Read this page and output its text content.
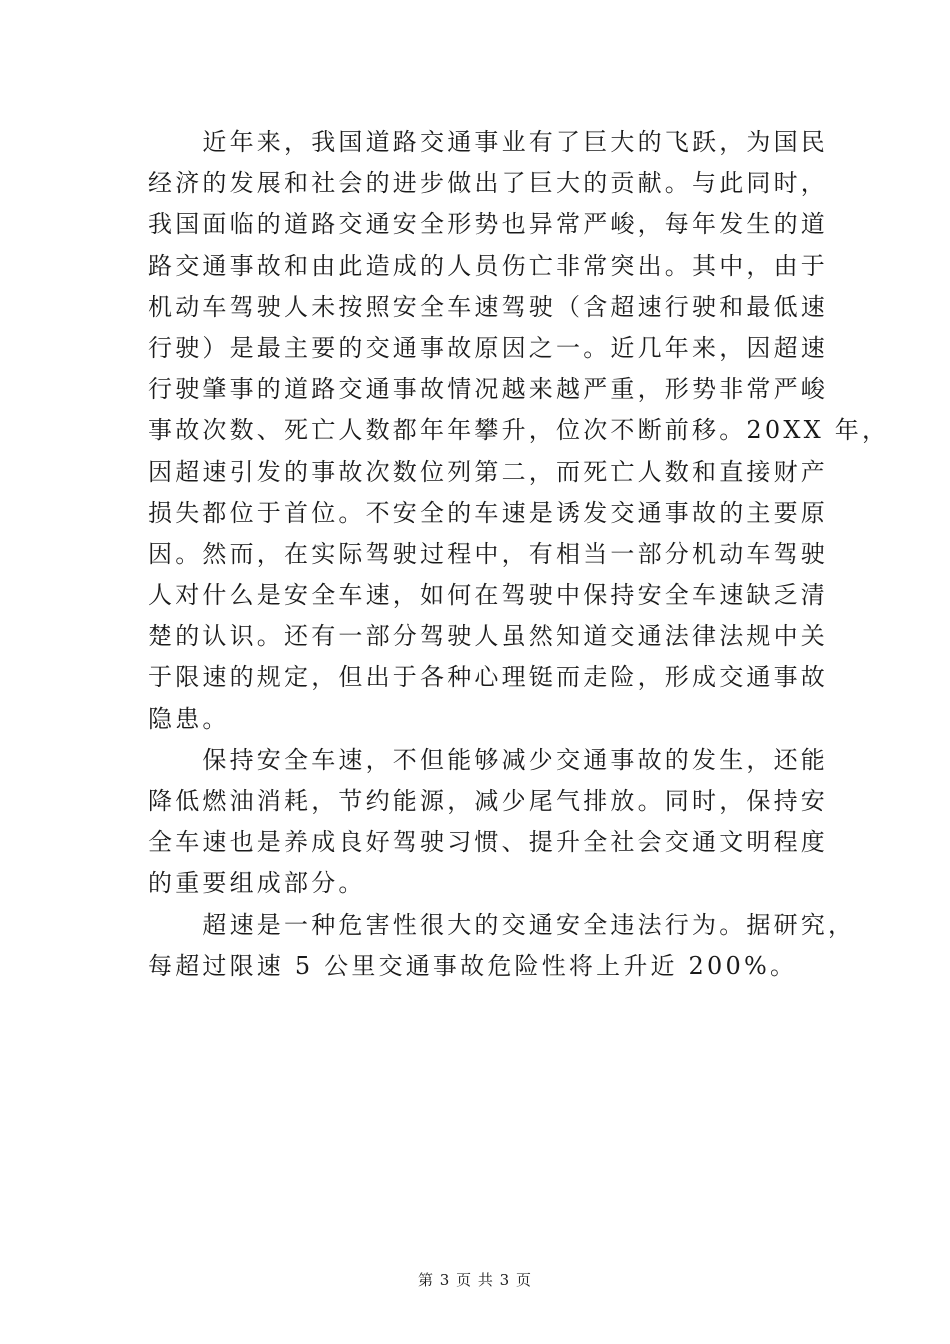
　　近年来，我国道路交通事业有了巨大的飞跃，为国民
经济的发展和社会的进步做出了巨大的贡献。与此同时，
我国面临的道路交通安全形势也异常严峻，每年发生的道
路交通事故和由此造成的人员伤亡非常突出。其中，由于
机动车驾驶人未按照安全车速驾驶（含超速行驶和最低速
行驶）是最主要的交通事故原因之一。近几年来，因超速
行驶肇事的道路交通事故情况越来越严重，形势非常严峻
事故次数、死亡人数都年年攀升，位次不断前移。20XX 年，
因超速引发的事故次数位列第二，而死亡人数和直接财产
损失都位于首位。不安全的车速是诱发交通事故的主要原
因。然而，在实际驾驶过程中，有相当一部分机动车驾驶
人对什么是安全车速，如何在驾驶中保持安全车速缺乏清
楚的认识。还有一部分驾驶人虽然知道交通法律法规中关
于限速的规定，但出于各种心理铤而走险，形成交通事故
隐患。
　　保持安全车速，不但能够减少交通事故的发生，还能
降低燃油消耗，节约能源，减少尾气排放。同时，保持安
全车速也是养成良好驾驶习惯、提升全社会交通文明程度
的重要组成部分。
　　超速是一种危害性很大的交通安全违法行为。据研究，
每超过限速 5 公里交通事故危险性将上升近 200%。
第 3 页 共 3 页
